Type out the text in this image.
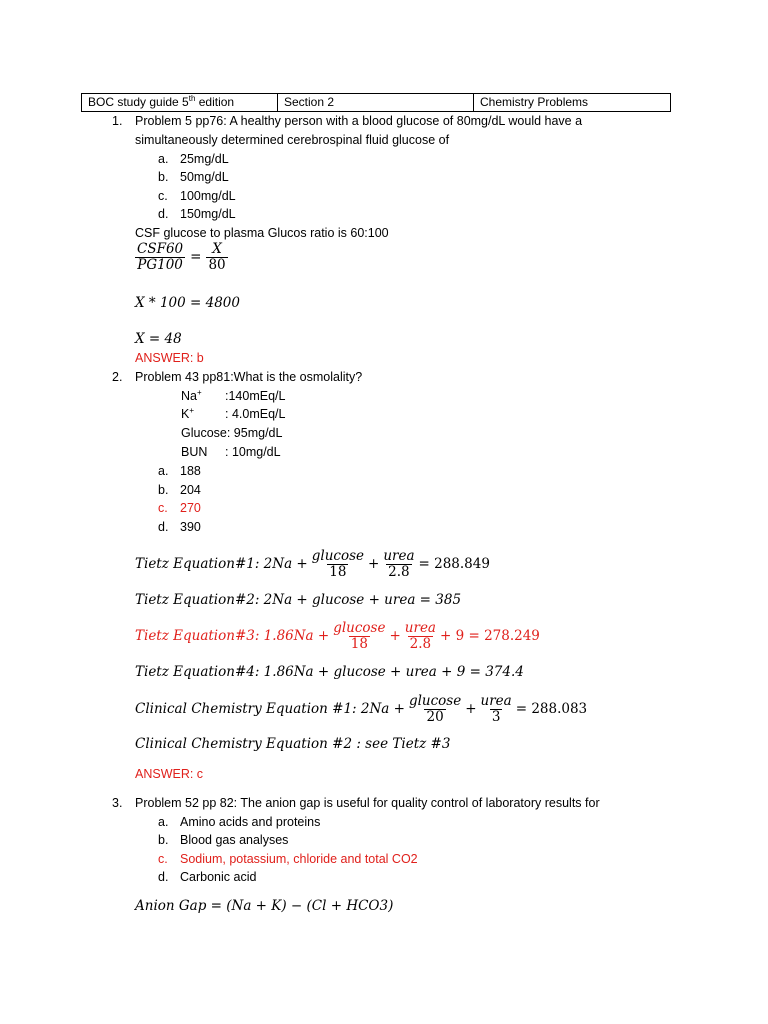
BOC study guide 5th edition	Section 2	Chemistry Problems
1. Problem 5 pp76: A healthy person with a blood glucose of 80mg/dL would have a
simultaneously determined cerebrospinal fluid glucose of
a. 25mg/dL
b. 50mg/dL
c. 100mg/dL
d. 150mg/dL
CSF glucose to plasma Glucos ratio is 60:100
$\frac{\text{CSF60}}{PG100} = \frac{X}{80}$
X * 100 = 4800
X = 48
ANSWER: b
2. Problem 43 pp81:What is the osmolality?
Na+ :140mEq/L
K+ : 4.0mEq/L
Glucose: 95mg/dL
BUN : 10mg/dL
a. 188
b. 204
c. 270
d. 390
Tietz Equation#1: $2Na + \frac{\text{glucose}}{18} + \frac{\text{urea}}{2.8} = 288.849$
Tietz Equation#2: 2Na + glucose + urea = 385
Tietz Equation#3: $1.86Na + \frac{\text{glucose}}{18} + \frac{\text{urea}}{2.8} + 9 = 278.249$
Tietz Equation#4: 1.86Na + glucose + urea + 9 = 374.4
Clinical Chemistry Equation #1: $2Na + \frac{\text{glucose}}{20} + \frac{\text{urea}}{3} = 288.083$
Clinical Chemistry Equation #2 : see Tietz #3
ANSWER: c
3. Problem 52 pp 82: The anion gap is useful for quality control of laboratory results for
a. Amino acids and proteins
b. Blood gas analyses
c. Sodium, potassium, chloride and total CO2
d. Carbonic acid
Anion Gap = (Na + K) − (Cl + HCO3)
